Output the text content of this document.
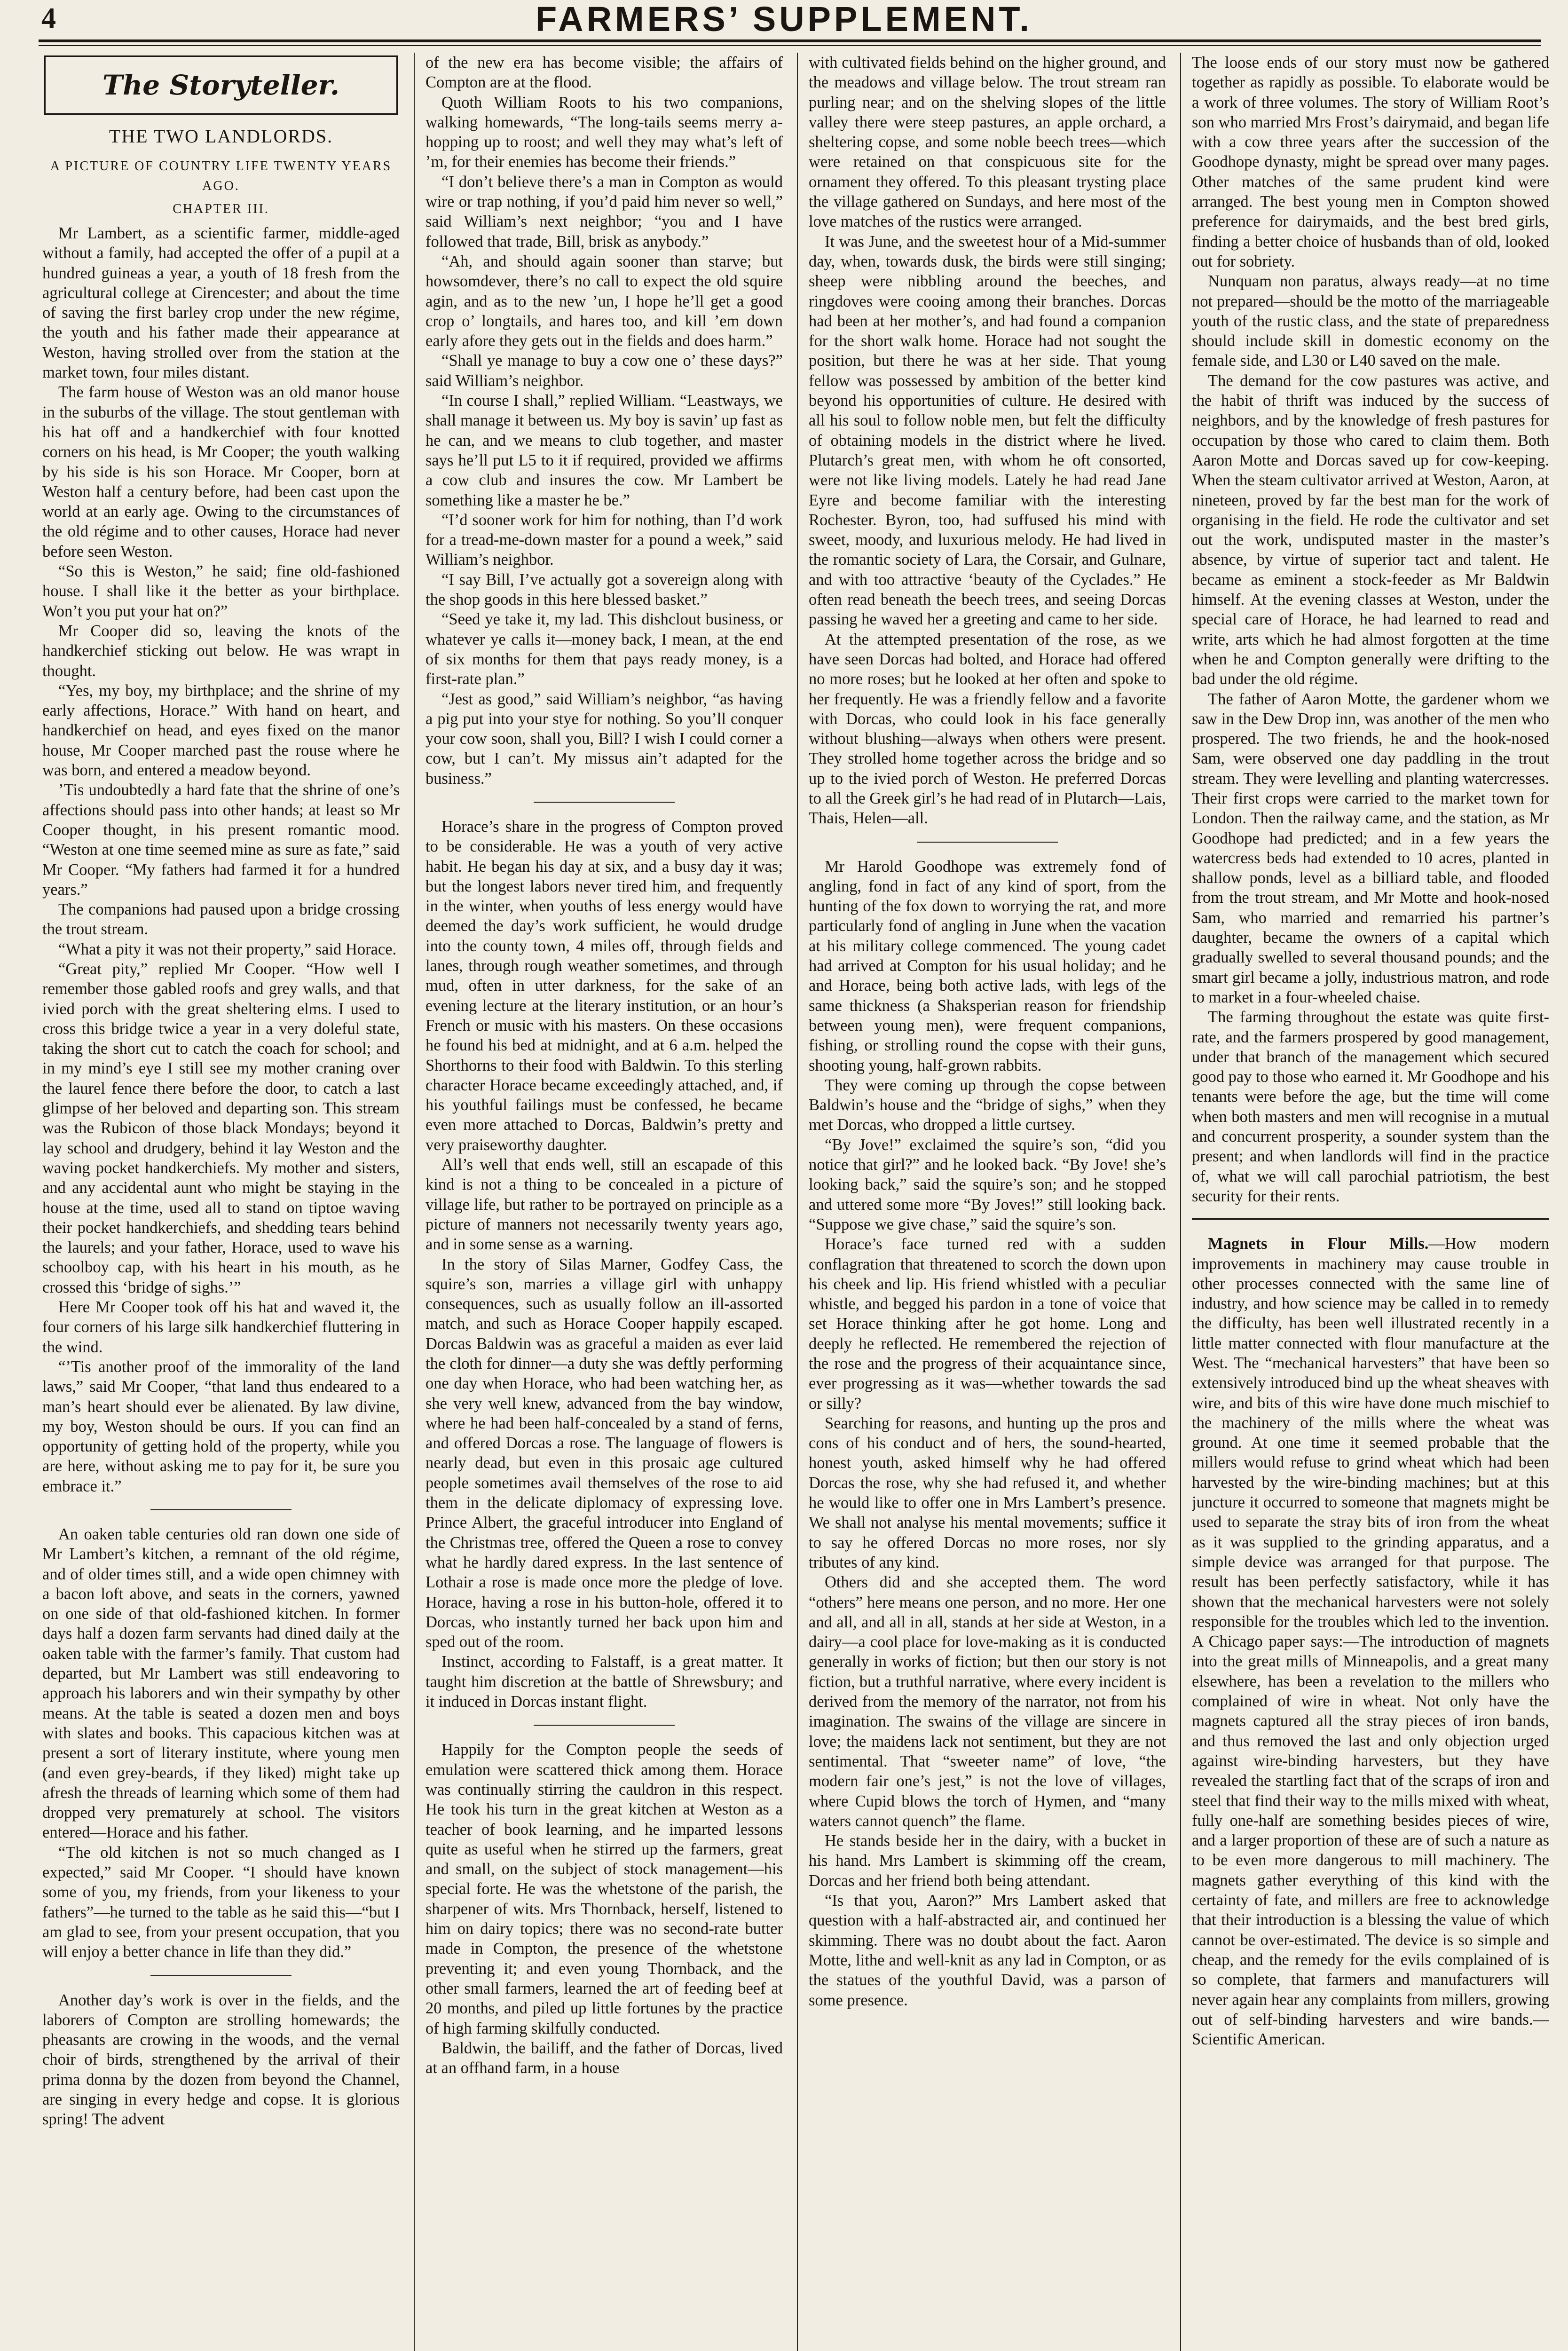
4	FARMERS’ SUPPLEMENT.
The Storyteller.
THE TWO LANDLORDS.
A PICTURE OF COUNTRY LIFE TWENTY YEARS AGO.
CHAPTER III.

Mr Lambert, as a scientific farmer, middle-aged without a family, had accepted the offer of a pupil at a hundred guineas a year, a youth of 18 fresh from the agricultural college at Cirencester; and about the time of saving the first barley crop under the new régime, the youth and his father made their appearance at Weston, having strolled over from the station at the market town, four miles distant.

The farm house of Weston was an old manor house in the suburbs of the village. The stout gentleman with his hat off and a handkerchief with four knotted corners on his head, is Mr Cooper; the youth walking by his side is his son Horace. Mr Cooper, born at Weston half a century before, had been cast upon the world at an early age. Owing to the circumstances of the old régime and to other causes, Horace had never before seen Weston.

“So this is Weston,” he said; fine old-fashioned house. I shall like it the better as your birthplace. Won’t you put your hat on?”

Mr Cooper did so, leaving the knots of the handkerchief sticking out below. He was wrapt in thought.

“Yes, my boy, my birthplace; and the shrine of my early affections, Horace.” With hand on heart, and handkerchief on head, and eyes fixed on the manor house, Mr Cooper marched past the rouse where he was born, and entered a meadow beyond.

’Tis undoubtedly a hard fate that the shrine of one’s affections should pass into other hands; at least so Mr Cooper thought, in his present romantic mood. “Weston at one time seemed mine as sure as fate,” said Mr Cooper. “My fathers had farmed it for a hundred years.”

The companions had paused upon a bridge crossing the trout stream.

“What a pity it was not their property,” said Horace.

“Great pity,” replied Mr Cooper. “How well I remember those gabled roofs and grey walls, and that ivied porch with the great sheltering elms. I used to cross this bridge twice a year in a very doleful state, taking the short cut to catch the coach for school; and in my mind’s eye I still see my mother craning over the laurel fence there before the door, to catch a last glimpse of her beloved and departing son. This stream was the Rubicon of those black Mondays; beyond it lay school and drudgery, behind it lay Weston and the waving pocket handkerchiefs. My mother and sisters, and any accidental aunt who might be staying in the house at the time, used all to stand on tiptoe waving their pocket handkerchiefs, and shedding tears behind the laurels; and your father, Horace, used to wave his schoolboy cap, with his heart in his mouth, as he crossed this ‘bridge of sighs.’”

Here Mr Cooper took off his hat and waved it, the four corners of his large silk handkerchief fluttering in the wind.

“’Tis another proof of the immorality of the land laws,” said Mr Cooper, “that land thus endeared to a man’s heart should ever be alienated. By law divine, my boy, Weston should be ours. If you can find an opportunity of getting hold of the property, while you are here, without asking me to pay for it, be sure you embrace it.”

An oaken table centuries old ran down one side of Mr Lambert’s kitchen, a remnant of the old régime, and of older times still, and a wide open chimney with a bacon loft above, and seats in the corners, yawned on one side of that old-fashioned kitchen. In former days half a dozen farm servants had dined daily at the oaken table with the farmer’s family. That custom had departed, but Mr Lambert was still endeavoring to approach his laborers and win their sympathy by other means. At the table is seated a dozen men and boys with slates and books. This capacious kitchen was at present a sort of literary institute, where young men (and even grey-beards, if they liked) might take up afresh the threads of learning which some of them had dropped very prematurely at school. The visitors entered—Horace and his father.

“The old kitchen is not so much changed as I expected,” said Mr Cooper. “I should have known some of you, my friends, from your likeness to your fathers”—he turned to the table as he said this—“but I am glad to see, from your present occupation, that you will enjoy a better chance in life than they did.”

Another day’s work is over in the fields, and the laborers of Compton are strolling homewards; the pheasants are crowing in the woods, and the vernal choir of birds, strengthened by the arrival of their prima donna by the dozen from beyond the Channel, are singing in every hedge and copse. It is glorious spring! The advent

of the new era has become visible; the affairs of Compton are at the flood.

Quoth William Roots to his two companions, walking homewards, “The long-tails seems merry a-hopping up to roost; and well they may what’s left of ’m, for their enemies has become their friends.”

“I don’t believe there’s a man in Compton as would wire or trap nothing, if you’d paid him never so well,” said William’s next neighbor; “you and I have followed that trade, Bill, brisk as anybody.”

“Ah, and should again sooner than starve; but howsomdever, there’s no call to expect the old squire agin, and as to the new ’un, I hope he’ll get a good crop o’ longtails, and hares too, and kill ’em down early afore they gets out in the fields and does harm.”

“Shall ye manage to buy a cow one o’ these days?” said William’s neighbor.

“In course I shall,” replied William. “Leastways, we shall manage it between us. My boy is savin’ up fast as he can, and we means to club together, and master says he’ll put L5 to it if required, provided we affirms a cow club and insures the cow. Mr Lambert be something like a master he be.”

“I’d sooner work for him for nothing, than I’d work for a tread-me-down master for a pound a week,” said William’s neighbor.

“I say Bill, I’ve actually got a sovereign along with the shop goods in this here blessed basket.”

“Seed ye take it, my lad. This dishclout business, or whatever ye calls it—money back, I mean, at the end of six months for them that pays ready money, is a first-rate plan.”

“Jest as good,” said William’s neighbor, “as having a pig put into your stye for nothing. So you’ll conquer your cow soon, shall you, Bill? I wish I could corner a cow, but I can’t. My missus ain’t adapted for the business.”

Horace’s share in the progress of Compton proved to be considerable. He was a youth of very active habit. He began his day at six, and a busy day it was; but the longest labors never tired him, and frequently in the winter, when youths of less energy would have deemed the day’s work sufficient, he would drudge into the county town, 4 miles off, through fields and lanes, through rough weather sometimes, and through mud, often in utter darkness, for the sake of an evening lecture at the literary institution, or an hour’s French or music with his masters. On these occasions he found his bed at midnight, and at 6 a.m. helped the Shorthorns to their food with Baldwin. To this sterling character Horace became exceedingly attached, and, if his youthful failings must be confessed, he became even more attached to Dorcas, Baldwin’s pretty and very praiseworthy daughter.

All’s well that ends well, still an escapade of this kind is not a thing to be concealed in a picture of village life, but rather to be portrayed on principle as a picture of manners not necessarily twenty years ago, and in some sense as a warning.

In the story of Silas Marner, Godfey Cass, the squire’s son, marries a village girl with unhappy consequences, such as usually follow an ill-assorted match, and such as Horace Cooper happily escaped. Dorcas Baldwin was as graceful a maiden as ever laid the cloth for dinner—a duty she was deftly performing one day when Horace, who had been watching her, as she very well knew, advanced from the bay window, where he had been half-concealed by a stand of ferns, and offered Dorcas a rose. The language of flowers is nearly dead, but even in this prosaic age cultured people sometimes avail themselves of the rose to aid them in the delicate diplomacy of expressing love. Prince Albert, the graceful introducer into England of the Christmas tree, offered the Queen a rose to convey what he hardly dared express. In the last sentence of Lothair a rose is made once more the pledge of love. Horace, having a rose in his button-hole, offered it to Dorcas, who instantly turned her back upon him and sped out of the room.

Instinct, according to Falstaff, is a great matter. It taught him discretion at the battle of Shrewsbury; and it induced in Dorcas instant flight.

Happily for the Compton people the seeds of emulation were scattered thick among them. Horace was continually stirring the cauldron in this respect. He took his turn in the great kitchen at Weston as a teacher of book learning, and he imparted lessons quite as useful when he stirred up the farmers, great and small, on the subject of stock management—his special forte. He was the whetstone of the parish, the sharpener of wits. Mrs Thornback, herself, listened to him on dairy topics; there was no second-rate butter made in Compton, the presence of the whetstone preventing it; and even young Thornback, and the other small farmers, learned the art of feeding beef at 20 months, and piled up little fortunes by the practice of high farming skilfully conducted.

Baldwin, the bailiff, and the father of Dorcas, lived at an offhand farm, in a house

with cultivated fields behind on the higher ground, and the meadows and village below. The trout stream ran purling near; and on the shelving slopes of the little valley there were steep pastures, an apple orchard, a sheltering copse, and some noble beech trees—which were retained on that conspicuous site for the ornament they offered. To this pleasant trysting place the village gathered on Sundays, and here most of the love matches of the rustics were arranged.

It was June, and the sweetest hour of a Mid-summer day, when, towards dusk, the birds were still singing; sheep were nibbling around the beeches, and ringdoves were cooing among their branches. Dorcas had been at her mother’s, and had found a companion for the short walk home. Horace had not sought the position, but there he was at her side. That young fellow was possessed by ambition of the better kind beyond his opportunities of culture. He desired with all his soul to follow noble men, but felt the difficulty of obtaining models in the district where he lived. Plutarch’s great men, with whom he oft consorted, were not like living models. Lately he had read Jane Eyre and become familiar with the interesting Rochester. Byron, too, had suffused his mind with sweet, moody, and luxurious melody. He had lived in the romantic society of Lara, the Corsair, and Gulnare, and with too attractive ‘beauty of the Cyclades.” He often read beneath the beech trees, and seeing Dorcas passing he waved her a greeting and came to her side.

At the attempted presentation of the rose, as we have seen Dorcas had bolted, and Horace had offered no more roses; but he looked at her often and spoke to her frequently. He was a friendly fellow and a favorite with Dorcas, who could look in his face generally without blushing—always when others were present. They strolled home together across the bridge and so up to the ivied porch of Weston. He preferred Dorcas to all the Greek girl’s he had read of in Plutarch—Lais, Thais, Helen—all.

Mr Harold Goodhope was extremely fond of angling, fond in fact of any kind of sport, from the hunting of the fox down to worrying the rat, and more particularly fond of angling in June when the vacation at his military college commenced. The young cadet had arrived at Compton for his usual holiday; and he and Horace, being both active lads, with legs of the same thickness (a Shaksperian reason for friendship between young men), were frequent companions, fishing, or strolling round the copse with their guns, shooting young, half-grown rabbits.

They were coming up through the copse between Baldwin’s house and the “bridge of sighs,” when they met Dorcas, who dropped a little curtsey.

“By Jove!” exclaimed the squire’s son, “did you notice that girl?” and he looked back. “By Jove! she’s looking back,” said the squire’s son; and he stopped and uttered some more “By Joves!” still looking back. “Suppose we give chase,” said the squire’s son.

Horace’s face turned red with a sudden conflagration that threatened to scorch the down upon his cheek and lip. His friend whistled with a peculiar whistle, and begged his pardon in a tone of voice that set Horace thinking after he got home. Long and deeply he reflected. He remembered the rejection of the rose and the progress of their acquaintance since, ever progressing as it was—whether towards the sad or silly?

Searching for reasons, and hunting up the pros and cons of his conduct and of hers, the sound-hearted, honest youth, asked himself why he had offered Dorcas the rose, why she had refused it, and whether he would like to offer one in Mrs Lambert’s presence. We shall not analyse his mental movements; suffice it to say he offered Dorcas no more roses, nor sly tributes of any kind.

Others did and she accepted them. The word “others” here means one person, and no more. Her one and all, and all in all, stands at her side at Weston, in a dairy—a cool place for love-making as it is conducted generally in works of fiction; but then our story is not fiction, but a truthful narrative, where every incident is derived from the memory of the narrator, not from his imagination. The swains of the village are sincere in love; the maidens lack not sentiment, but they are not sentimental. That “sweeter name” of love, “the modern fair one’s jest,” is not the love of villages, where Cupid blows the torch of Hymen, and “many waters cannot quench” the flame.

He stands beside her in the dairy, with a bucket in his hand. Mrs Lambert is skimming off the cream, Dorcas and her friend both being attendant.

“Is that you, Aaron?” Mrs Lambert asked that question with a half-abstracted air, and continued her skimming. There was no doubt about the fact. Aaron Motte, lithe and well-knit as any lad in Compton, or as the statues of the youthful David, was a parson of some presence.

The loose ends of our story must now be gathered together as rapidly as possible. To elaborate would be a work of three volumes. The story of William Root’s son who married Mrs Frost’s dairymaid, and began life with a cow three years after the succession of the Goodhope dynasty, might be spread over many pages. Other matches of the same prudent kind were arranged. The best young men in Compton showed preference for dairymaids, and the best bred girls, finding a better choice of husbands than of old, looked out for sobriety.

Nunquam non paratus, always ready—at no time not prepared—should be the motto of the marriageable youth of the rustic class, and the state of preparedness should include skill in domestic economy on the female side, and L30 or L40 saved on the male.

The demand for the cow pastures was active, and the habit of thrift was induced by the success of neighbors, and by the knowledge of fresh pastures for occupation by those who cared to claim them. Both Aaron Motte and Dorcas saved up for cow-keeping. When the steam cultivator arrived at Weston, Aaron, at nineteen, proved by far the best man for the work of organising in the field. He rode the cultivator and set out the work, undisputed master in the master’s absence, by virtue of superior tact and talent. He became as eminent a stock-feeder as Mr Baldwin himself. At the evening classes at Weston, under the special care of Horace, he had learned to read and write, arts which he had almost forgotten at the time when he and Compton generally were drifting to the bad under the old régime.

The father of Aaron Motte, the gardener whom we saw in the Dew Drop inn, was another of the men who prospered. The two friends, he and the hook-nosed Sam, were observed one day paddling in the trout stream. They were levelling and planting watercresses. Their first crops were carried to the market town for London. Then the railway came, and the station, as Mr Goodhope had predicted; and in a few years the watercress beds had extended to 10 acres, planted in shallow ponds, level as a billiard table, and flooded from the trout stream, and Mr Motte and hook-nosed Sam, who married and remarried his partner’s daughter, became the owners of a capital which gradually swelled to several thousand pounds; and the smart girl became a jolly, industrious matron, and rode to market in a four-wheeled chaise.

The farming throughout the estate was quite first-rate, and the farmers prospered by good management, under that branch of the management which secured good pay to those who earned it. Mr Goodhope and his tenants were before the age, but the time will come when both masters and men will recognise in a mutual and concurrent prosperity, a sounder system than the present; and when landlords will find in the practice of, what we will call parochial patriotism, the best security for their rents.

Magnets in Flour Mills.—How modern improvements in machinery may cause trouble in other processes connected with the same line of industry, and how science may be called in to remedy the difficulty, has been well illustrated recently in a little matter connected with flour manufacture at the West. The “mechanical harvesters” that have been so extensively introduced bind up the wheat sheaves with wire, and bits of this wire have done much mischief to the machinery of the mills where the wheat was ground. At one time it seemed probable that the millers would refuse to grind wheat which had been harvested by the wire-binding machines; but at this juncture it occurred to someone that magnets might be used to separate the stray bits of iron from the wheat as it was supplied to the grinding apparatus, and a simple device was arranged for that purpose. The result has been perfectly satisfactory, while it has shown that the mechanical harvesters were not solely responsible for the troubles which led to the invention. A Chicago paper says:—The introduction of magnets into the great mills of Minneapolis, and a great many elsewhere, has been a revelation to the millers who complained of wire in wheat. Not only have the magnets captured all the stray pieces of iron bands, and thus removed the last and only objection urged against wire-binding harvesters, but they have revealed the startling fact that of the scraps of iron and steel that find their way to the mills mixed with wheat, fully one-half are something besides pieces of wire, and a larger proportion of these are of such a nature as to be even more dangerous to mill machinery. The magnets gather everything of this kind with the certainty of fate, and millers are free to acknowledge that their introduction is a blessing the value of which cannot be over-estimated. The device is so simple and cheap, and the remedy for the evils complained of is so complete, that farmers and manufacturers will never again hear any complaints from millers, growing out of self-binding harvesters and wire bands.—Scientific American.
